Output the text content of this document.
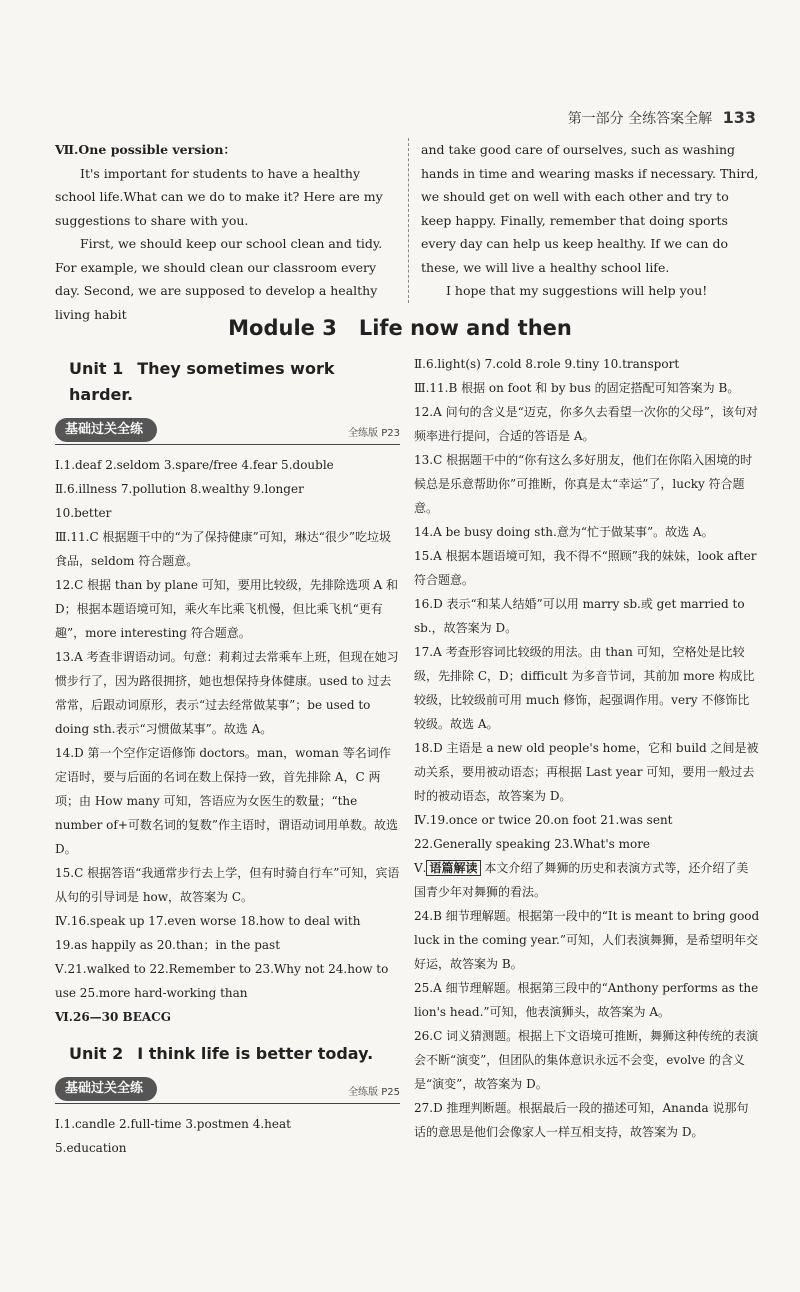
第一部分 全练答案全解 133

Ⅶ.One possible version：

It's important for students to have a healthy school life.What can we do to make it? Here are my suggestions to share with you.

First, we should keep our school clean and tidy. For example, we should clean our classroom every day. Second, we are supposed to develop a healthy living habit

and take good care of ourselves, such as washing hands in time and wearing masks if necessary. Third, we should get on well with each other and try to keep happy. Finally, remember that doing sports every day can help us keep healthy. If we can do these, we will live a healthy school life.

I hope that my suggestions will help you!

Module 3 Life now and then
Unit 1 They sometimes work harder.
基础过关全练	全练版 P23

Ⅰ.1.deaf 2.seldom 3.spare/free 4.fear 5.double

Ⅱ.6.illness 7.pollution 8.wealthy 9.longer

10.better

Ⅲ.11.C 根据题干中的“为了保持健康”可知，琳达“很少”吃垃圾食品，seldom 符合题意。

12.C 根据 than by plane 可知，要用比较级，先排除选项 A 和 D；根据本题语境可知，乘火车比乘飞机慢，但比乘飞机“更有趣”，more interesting 符合题意。

13.A 考查非谓语动词。句意：莉莉过去常乘车上班，但现在她习惯步行了，因为路很拥挤，她也想保持身体健康。used to 过去常常，后跟动词原形，表示“过去经常做某事”；be used to doing sth.表示“习惯做某事”。故选 A。

14.D 第一个空作定语修饰 doctors。man，woman 等名词作定语时，要与后面的名词在数上保持一致，首先排除 A，C 两项；由 How many 可知，答语应为女医生的数量；“the number of+可数名词的复数”作主语时，谓语动词用单数。故选 D。

15.C 根据答语“我通常步行去上学，但有时骑自行车”可知，宾语从句的引导词是 how，故答案为 C。

Ⅳ.16.speak up 17.even worse 18.how to deal with

19.as happily as 20.than；in the past

Ⅴ.21.walked to 22.Remember to 23.Why not 24.how to use 25.more hard-working than

Ⅵ.26—30 BEACG

Unit 2 I think life is better today.
基础过关全练	全练版 P25

Ⅰ.1.candle 2.full-time 3.postmen 4.heat

5.education

Ⅱ.6.light(s) 7.cold 8.role 9.tiny 10.transport

Ⅲ.11.B 根据 on foot 和 by bus 的固定搭配可知答案为 B。

12.A 问句的含义是“迈克，你多久去看望一次你的父母”，该句对频率进行提问，合适的答语是 A。

13.C 根据题干中的“你有这么多好朋友，他们在你陷入困境的时候总是乐意帮助你”可推断，你真是太“幸运”了，lucky 符合题意。

14.A be busy doing sth.意为“忙于做某事”。故选 A。

15.A 根据本题语境可知，我不得不“照顾”我的妹妹，look after 符合题意。

16.D 表示“和某人结婚”可以用 marry sb.或 get married to sb.，故答案为 D。

17.A 考查形容词比较级的用法。由 than 可知，空格处是比较级，先排除 C，D；difficult 为多音节词，其前加 more 构成比较级，比较级前可用 much 修饰，起强调作用。very 不修饰比较级。故选 A。

18.D 主语是 a new old people's home，它和 build 之间是被动关系，要用被动语态；再根据 Last year 可知，要用一般过去时的被动语态，故答案为 D。

Ⅳ.19.once or twice 20.on foot 21.was sent

22.Generally speaking 23.What's more

Ⅴ. 语篇解读 本文介绍了舞狮的历史和表演方式等，还介绍了美国青少年对舞狮的看法。

24.B 细节理解题。根据第一段中的“It is meant to bring good luck in the coming year.”可知，人们表演舞狮，是希望明年交好运，故答案为 B。

25.A 细节理解题。根据第三段中的“Anthony performs as the lion's head.”可知，他表演狮头，故答案为 A。

26.C 词义猜测题。根据上下文语境可推断，舞狮这种传统的表演会不断“演变”，但团队的集体意识永远不会变，evolve 的含义是“演变”，故答案为 D。

27.D 推理判断题。根据最后一段的描述可知，Ananda 说那句话的意思是他们会像家人一样互相支持，故答案为 D。
